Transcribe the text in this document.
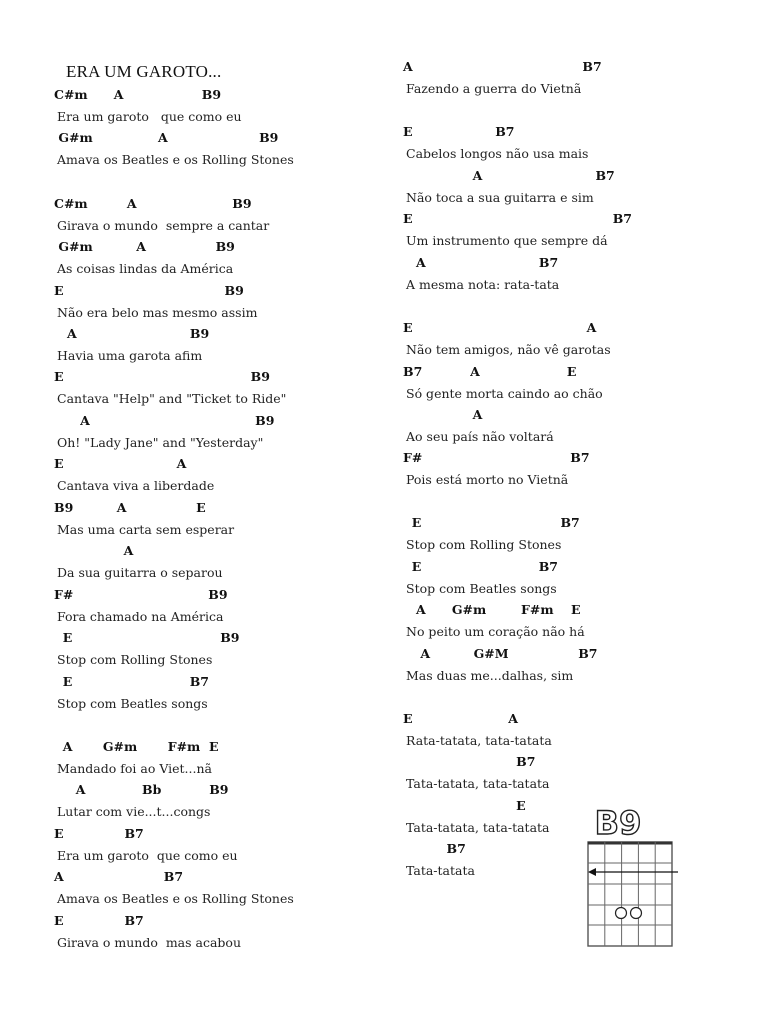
ERA UM GAROTO...
C#m      A                  B9
Era um garoto   que como eu
G#m               A                     B9
Amava os Beatles e os Rolling Stones
C#m         A                      B9
Girava o mundo  sempre a cantar
G#m          A                B9
As coisas lindas da América
E                                     B9
Não era belo mas mesmo assim
A                          B9
Havia uma garota afim
E                                           B9
Cantava "Help" and "Ticket to Ride"
A                                      B9
Oh! "Lady Jane" and "Yesterday"
E                          A
Cantava viva a liberdade
B9          A                E
Mas uma carta sem esperar
A
Da sua guitarra o separou
F#                               B9
Fora chamado na América
E                                  B9
Stop com Rolling Stones
E                           B7
Stop com Beatles songs
A       G#m       F#m  E
Mandado foi ao Viet...nã
A             Bb           B9
Lutar com vie...t...congs
E              B7
Era um garoto  que como eu
A                       B7
Amava os Beatles e os Rolling Stones
E              B7
Girava o mundo  mas acabou
A                                       B7
Fazendo a guerra do Vietnã
E                   B7
Cabelos longos não usa mais
A                          B7
Não toca a sua guitarra e sim
E                                              B7
Um instrumento que sempre dá
A                          B7
A mesma nota: rata-tata
E                                        A
Não tem amigos, não vê garotas
B7           A                    E
Só gente morta caindo ao chão
A
Ao seu país não voltará
F#                                  B7
Pois está morto no Vietnã
E                                B7
Stop com Rolling Stones
E                           B7
Stop com Beatles songs
A      G#m        F#m    E
No peito um coração não há
A          G#M                B7
Mas duas me...dalhas, sim
E                      A
Rata-tatata, tata-tatata
B7
Tata-tatata, tata-tatata
E
Tata-tatata, tata-tatata
B7
Tata-tatata
B9
